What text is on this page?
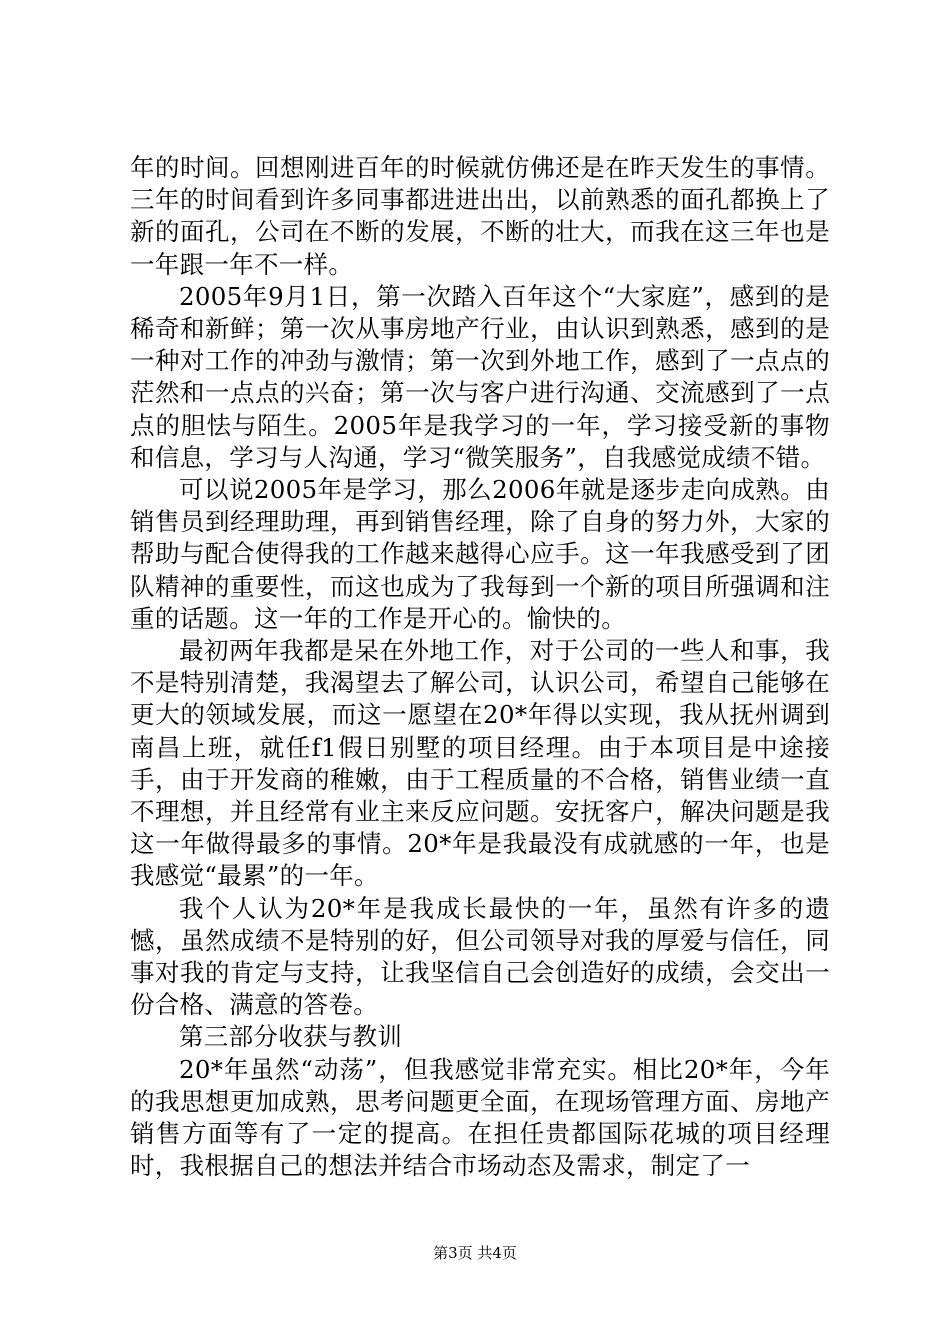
年的时间。回想刚进百年的时候就仿佛还是在昨天发生的事情。三年的时间看到许多同事都进进出出，以前熟悉的面孔都换上了新的面孔，公司在不断的发展，不断的壮大，而我在这三年也是一年跟一年不一样。

2005年9月1日，第一次踏入百年这个“大家庭”，感到的是稀奇和新鲜；第一次从事房地产行业，由认识到熟悉，感到的是一种对工作的冲劲与激情；第一次到外地工作，感到了一点点的茫然和一点点的兴奋；第一次与客户进行沟通、交流感到了一点点的胆怯与陌生。2005年是我学习的一年，学习接受新的事物和信息，学习与人沟通，学习“微笑服务”，自我感觉成绩不错。

可以说2005年是学习，那么2006年就是逐步走向成熟。由销售员到经理助理，再到销售经理，除了自身的努力外，大家的帮助与配合使得我的工作越来越得心应手。这一年我感受到了团队精神的重要性，而这也成为了我每到一个新的项目所强调和注重的话题。这一年的工作是开心的。愉快的。

最初两年我都是呆在外地工作，对于公司的一些人和事，我不是特别清楚，我渴望去了解公司，认识公司，希望自己能够在更大的领域发展，而这一愿望在20*年得以实现，我从抚州调到南昌上班，就任f1假日别墅的项目经理。由于本项目是中途接手，由于开发商的稚嫩，由于工程质量的不合格，销售业绩一直不理想，并且经常有业主来反应问题。安抚客户，解决问题是我这一年做得最多的事情。20*年是我最没有成就感的一年，也是我感觉“最累”的一年。

我个人认为20*年是我成长最快的一年，虽然有许多的遗憾，虽然成绩不是特别的好，但公司领导对我的厚爱与信任，同事对我的肯定与支持，让我坚信自己会创造好的成绩，会交出一份合格、满意的答卷。

第三部分收获与教训

20*年虽然“动荡”，但我感觉非常充实。相比20*年，今年的我思想更加成熟，思考问题更全面，在现场管理方面、房地产销售方面等有了一定的提高。在担任贵都国际花城的项目经理时，我根据自己的想法并结合市场动态及需求，制定了一

第3页 共4页
